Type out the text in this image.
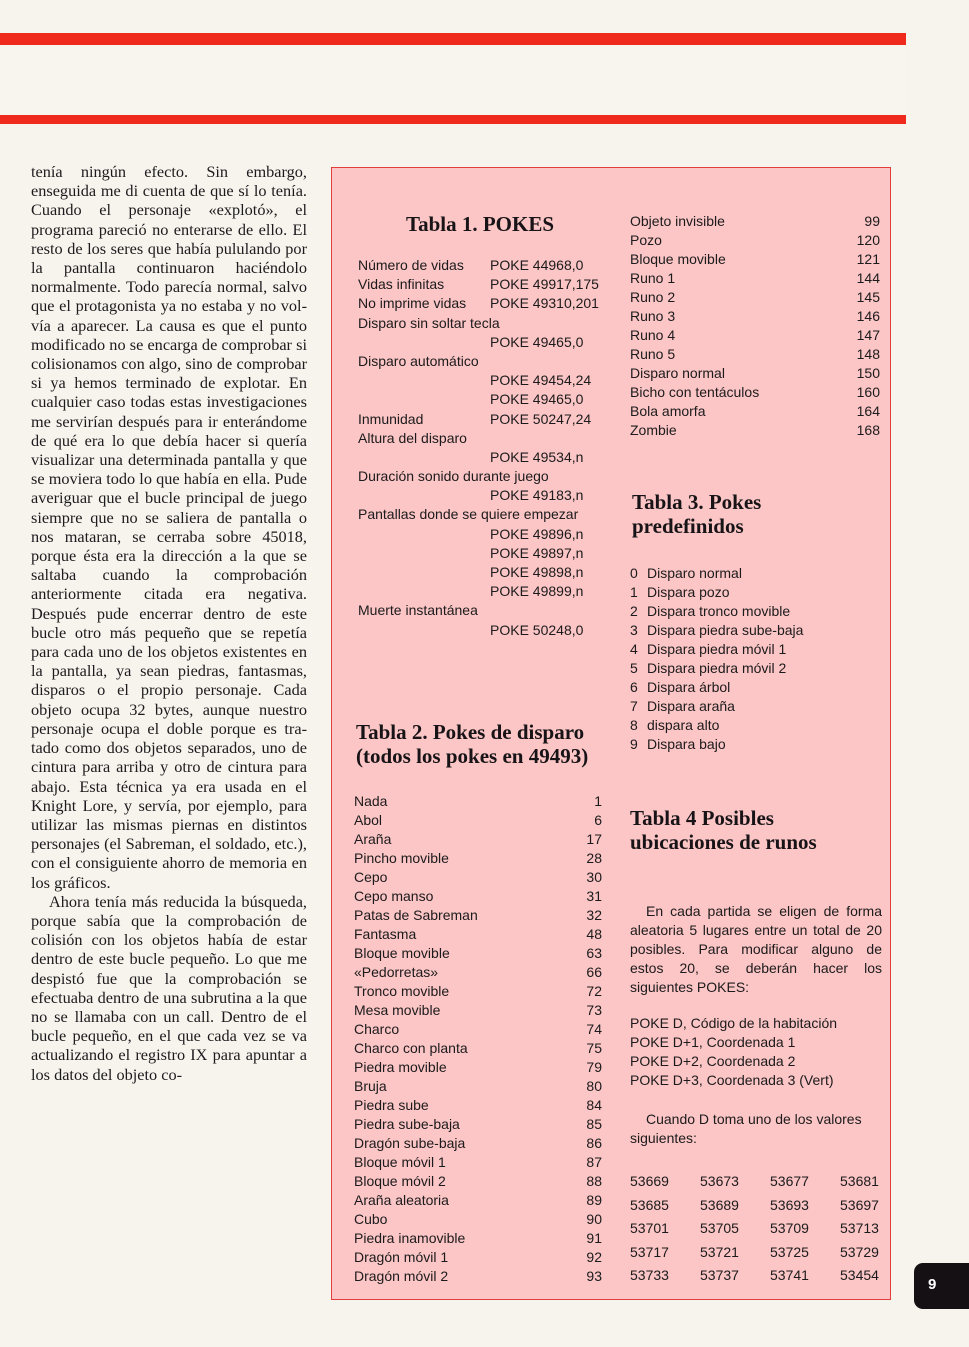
tenía ningún efecto. Sin embargo, enseguida me di cuenta de que sí lo tenía. Cuando el personaje «explotó», el programa pareció no enterarse de ello. El resto de los seres que había pululando por la pantalla continuaron haciéndolo normalmente. Todo parecía normal, salvo que el protagonista ya no estaba y no volvía a aparecer. La causa es que el punto modificado no se encarga de comprobar si colisionamos con algo, sino de comprobar si ya hemos terminado de explotar. En cualquier caso todas estas investigaciones me servirían después para ir enterándome de qué era lo que debía hacer si quería visualizar una determinada pantalla y que se moviera todo lo que había en ella. Pude averiguar que el bucle principal de juego siempre que no se saliera de pantalla o nos mataran, se cerraba sobre 45018, porque ésta era la dirección a la que se saltaba cuando la comprobación anteriormente citada era negativa. Después pude encerrar dentro de este bucle otro más pequeño que se repetía para cada uno de los objetos existentes en la pantalla, ya sean piedras, fantasmas, disparos o el propio personaje. Cada objeto ocupa 32 bytes, aunque nuestro personaje ocupa el doble porque es tratado como dos objetos separados, uno de cintura para arriba y otro de cintura para abajo. Esta técnica ya era usada en el Knight Lore, y servía, por ejemplo, para utilizar las mismas piernas en distintos personajes (el Sabreman, el soldado, etc.), con el consiguiente ahorro de memoria en los gráficos.

Ahora tenía más reducida la búsqueda, porque sabía que la comprobación de colisión con los objetos había de estar dentro de este bucle pequeño. Lo que me despistó fue que la comprobación se efectuaba dentro de una subrutina a la que no se llamaba con un call. Dentro de el bucle pequeño, en el que cada vez se va actualizando el registro IX para apuntar a los datos del objeto co-

Tabla 1. POKES
Número de vidas POKE 44968,0
Vidas infinitas	POKE 49917,175
No imprime vidas POKE 49310,201
Disparo sin soltar tecla
POKE 49465,0
Disparo automático
POKE 49454,24
POKE 49465,0
Inmunidad	POKE 50247,24
Altura del disparo
POKE 49534,n
Duración sonido durante juego
POKE 49183,n
Pantallas donde se quiere empezar
POKE 49896,n
POKE 49897,n
POKE 49898,n
POKE 49899,n
Muerte instantánea
POKE 50248,0
Objeto invisible	99
Pozo	120
Bloque movible	121
Runo 1	144
Runo 2	145
Runo 3	146
Runo 4	147
Runo 5	148
Disparo normal	150
Bicho con tentáculos	160
Bola amorfa	164
Zombie	168
Tabla 3. Pokes predefinidos
0 Disparo normal
1 Dispara pozo
2 Dispara tronco movible
3 Dispara piedra sube-baja
4 Dispara piedra móvil 1
5 Dispara piedra móvil 2
6 Dispara árbol
7 Dispara araña
8 dispara alto
9 Dispara bajo
Tabla 2. Pokes de disparo (todos los pokes en 49493)
Nada	1
Abol	6
Araña	17
Pincho movible	28
Cepo	30
Cepo manso	31
Patas de Sabreman	32
Fantasma	48
Bloque movible	63
«Pedorretas»	66
Tronco movible	72
Mesa movible	73
Charco	74
Charco con planta	75
Piedra movible	79
Bruja	80
Piedra sube	84
Piedra sube-baja	85
Dragón sube-baja	86
Bloque móvil 1	87
Bloque móvil 2	88
Araña aleatoria	89
Cubo	90
Piedra inamovible	91
Dragón móvil 1	92
Dragón móvil 2	93
Tabla 4 Posibles ubicaciones de runos

En cada partida se eligen de forma aleatoria 5 lugares entre un total de 20 posibles. Para modificar alguno de estos 20, se deberán hacer los siguientes POKES:

POKE D, Código de la habitación

POKE D+1, Coordenada 1

POKE D+2, Coordenada 2

POKE D+3, Coordenada 3 (Vert)

Cuando D toma uno de los valores siguientes:

53669 53673 53677 53681
53685 53689 53693 53697
53701 53705 53709 53713
53717 53721 53725 53729
53733 53737 53741 53454
9
